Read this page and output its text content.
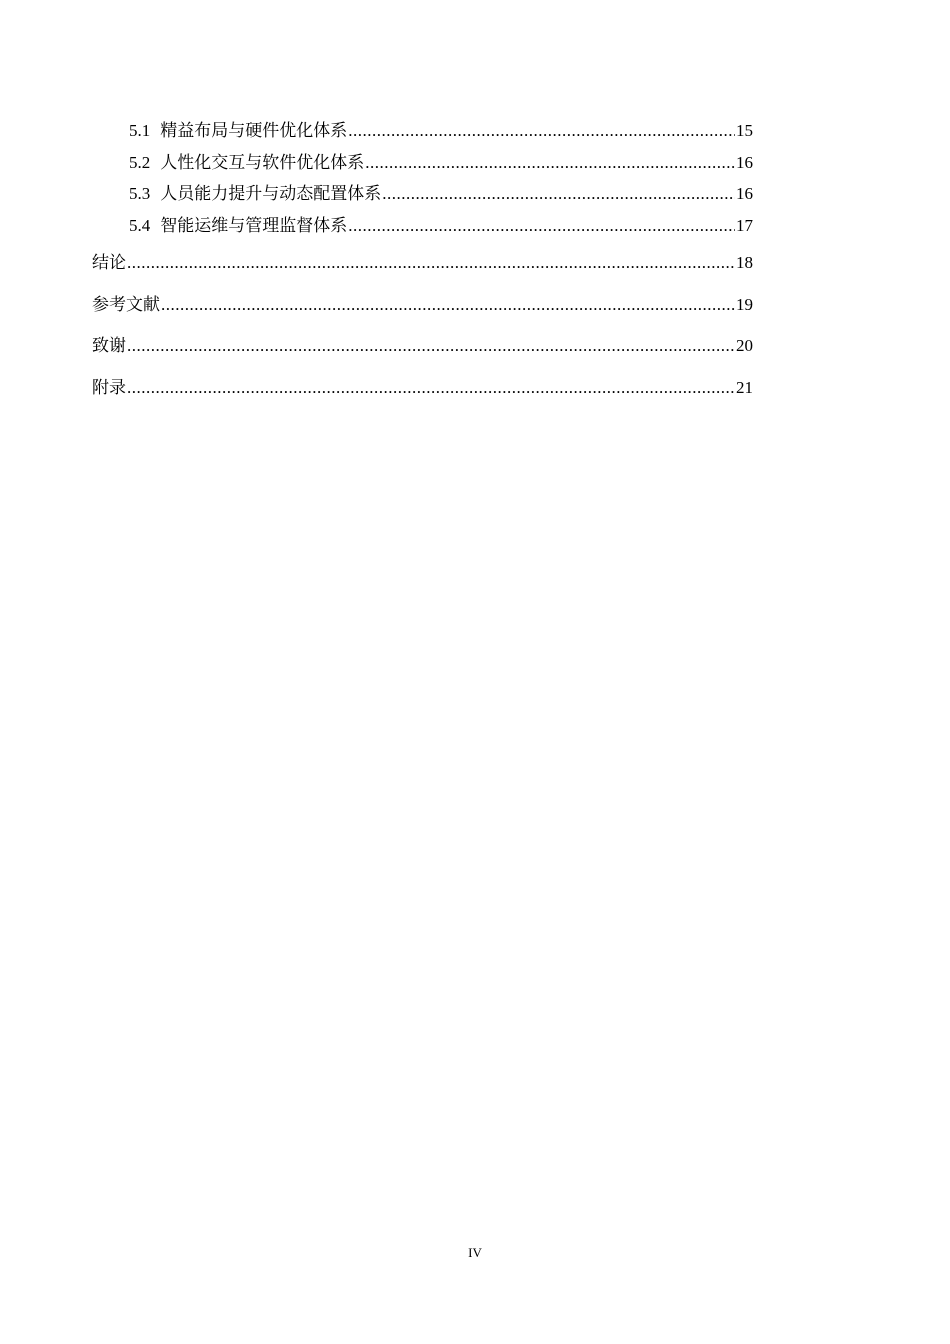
5.1 精益布局与硬件优化体系 .....	15
5.2 人性化交互与软件优化体系 .....	16
5.3 人员能力提升与动态配置体系 .....	16
5.4 智能运维与管理监督体系 .....	17
结论 .....	18
参考文献 .....	19
致谢 .....	20
附录 .....	21
IV
